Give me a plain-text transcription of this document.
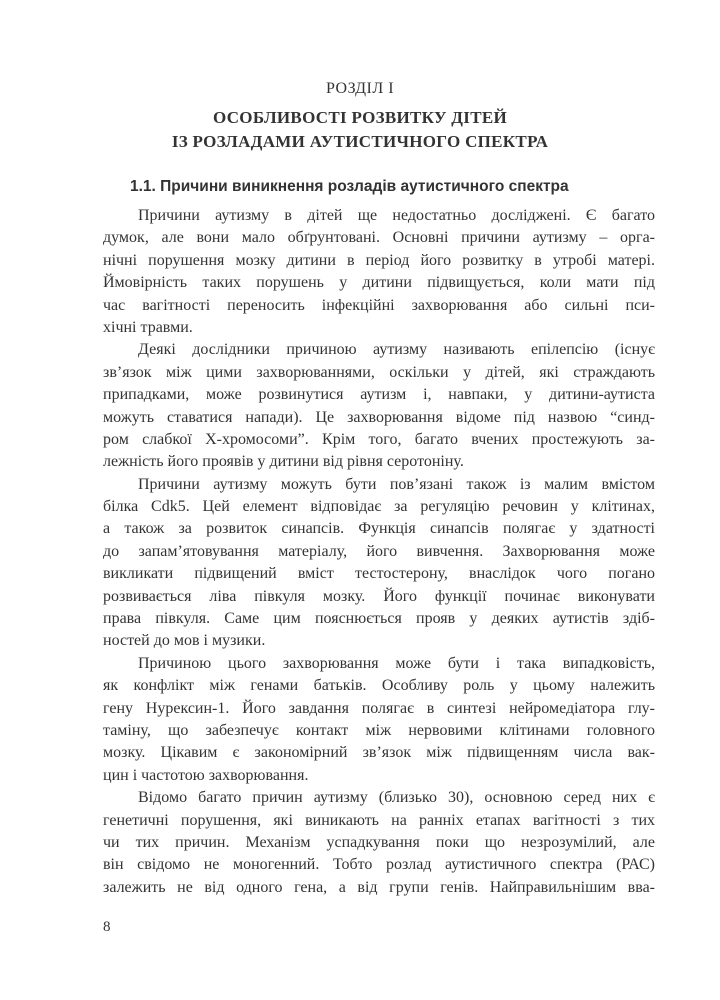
РОЗДІЛ І
ОСОБЛИВОСТІ РОЗВИТКУ ДІТЕЙ
ІЗ РОЗЛАДАМИ АУТИСТИЧНОГО СПЕКТРА
1.1. Причини виникнення розладів аутистичного спектра
Причини аутизму в дітей ще недостатньо досліджені. Є багато
думок, але вони мало обґрунтовані. Основні причини аутизму – орга-
нічні порушення мозку дитини в період його розвитку в утробі матері.
Ймовірність таких порушень у дитини підвищується, коли мати під
час вагітності переносить інфекційні захворювання або сильні пси-
хічні травми.
Деякі дослідники причиною аутизму називають епілепсію (існує
зв’язок між цими захворюваннями, оскільки у дітей, які страждають
припадками, може розвинутися аутизм і, навпаки, у дитини-аутиста
можуть ставатися напади). Це захворювання відоме під назвою “синд-
ром слабкої Х-хромосоми”. Крім того, багато вчених простежують за-
лежність його проявів у дитини від рівня серотоніну.
Причини аутизму можуть бути пов’язані також із малим вмістом
білка Cdk5. Цей елемент відповідає за регуляцію речовин у клітинах,
а також за розвиток синапсів. Функція синапсів полягає у здатності
до запам’ятовування матеріалу, його вивчення. Захворювання може
викликати підвищений вміст тестостерону, внаслідок чого погано
розвивається ліва півкуля мозку. Його функції починає виконувати
права півкуля. Саме цим пояснюється прояв у деяких аутистів здіб-
ностей до мов і музики.
Причиною цього захворювання може бути і така випадковість,
як конфлікт між генами батьків. Особливу роль у цьому належить
гену Нурексин-1. Його завдання полягає в синтезі нейромедіатора глу-
таміну, що забезпечує контакт між нервовими клітинами головного
мозку. Цікавим є закономірний зв’язок між підвищенням числа вак-
цин і частотою захворювання.
Відомо багато причин аутизму (близько 30), основною серед них є
генетичні порушення, які виникають на ранніх етапах вагітності з тих
чи тих причин. Механізм успадкування поки що незрозумілий, але
він свідомо не моногенний. Тобто розлад аутистичного спектра (РАС)
залежить не від одного гена, а від групи генів. Найправильнішим вва-
8
